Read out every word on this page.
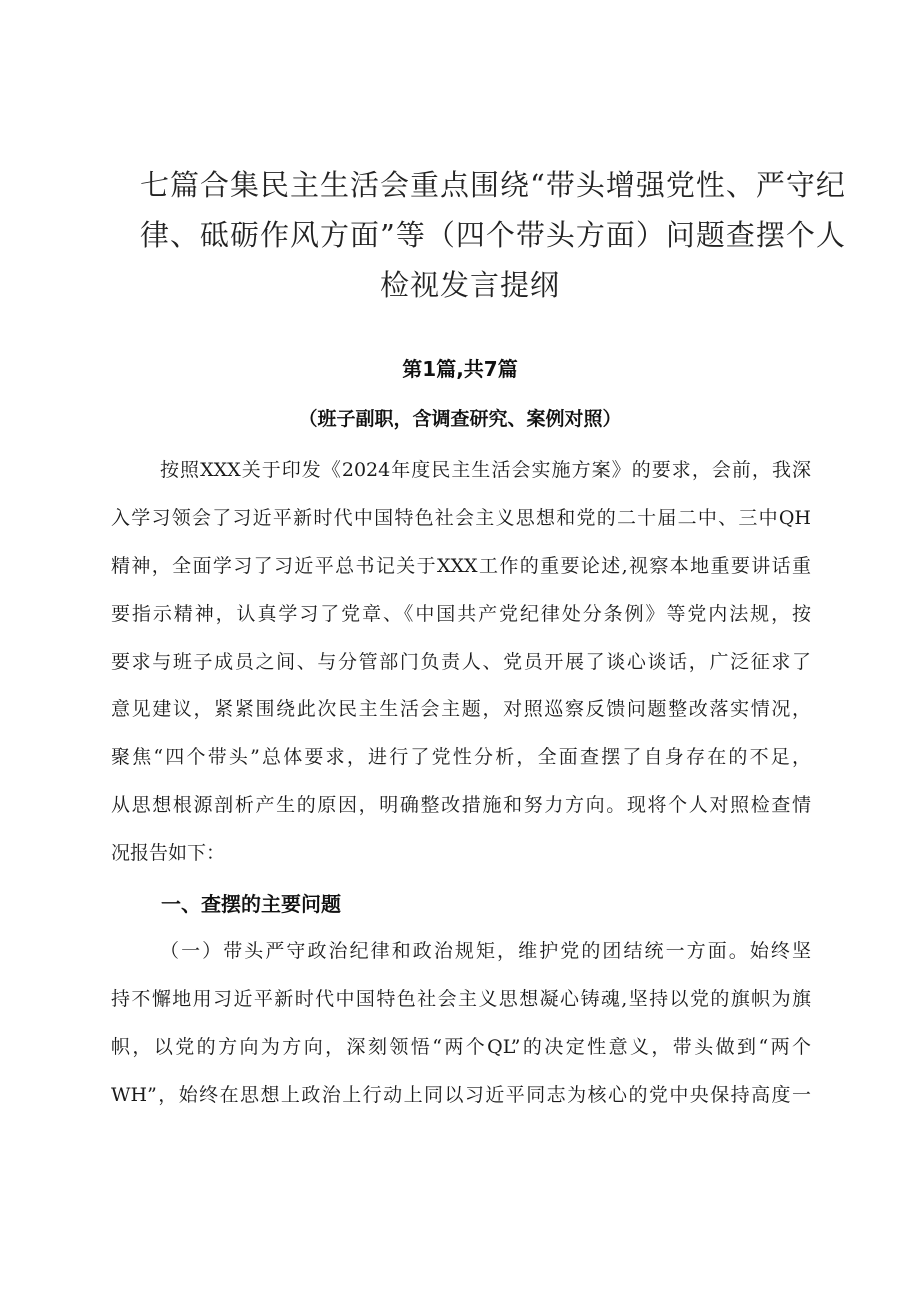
七篇合集民主生活会重点围绕“带头增强党性、严守纪
律、砥砺作风方面”等（四个带头方面）问题查摆个人
检视发言提纲
第1篇,共7篇
（班子副职，含调查研究、案例对照）
按照XXX关于印发《2024年度民主生活会实施方案》的要求，会前，我深
入学习领会了习近平新时代中国特色社会主义思想和党的二十届二中、三中QH
精神，全面学习了习近平总书记关于XXX工作的重要论述,视察本地重要讲话重
要指示精神，认真学习了党章、《中国共产党纪律处分条例》等党内法规，按
要求与班子成员之间、与分管部门负责人、党员开展了谈心谈话，广泛征求了
意见建议，紧紧围绕此次民主生活会主题，对照巡察反馈问题整改落实情况，
聚焦“四个带头”总体要求，进行了党性分析，全面查摆了自身存在的不足，
从思想根源剖析产生的原因，明确整改措施和努力方向。现将个人对照检查情
况报告如下：
一、查摆的主要问题
（一）带头严守政治纪律和政治规矩，维护党的团结统一方面。始终坚
持不懈地用习近平新时代中国特色社会主义思想凝心铸魂,坚持以党的旗帜为旗
帜，以党的方向为方向，深刻领悟“两个QL”的决定性意义，带头做到“两个
WH”，始终在思想上政治上行动上同以习近平同志为核心的党中央保持高度一
